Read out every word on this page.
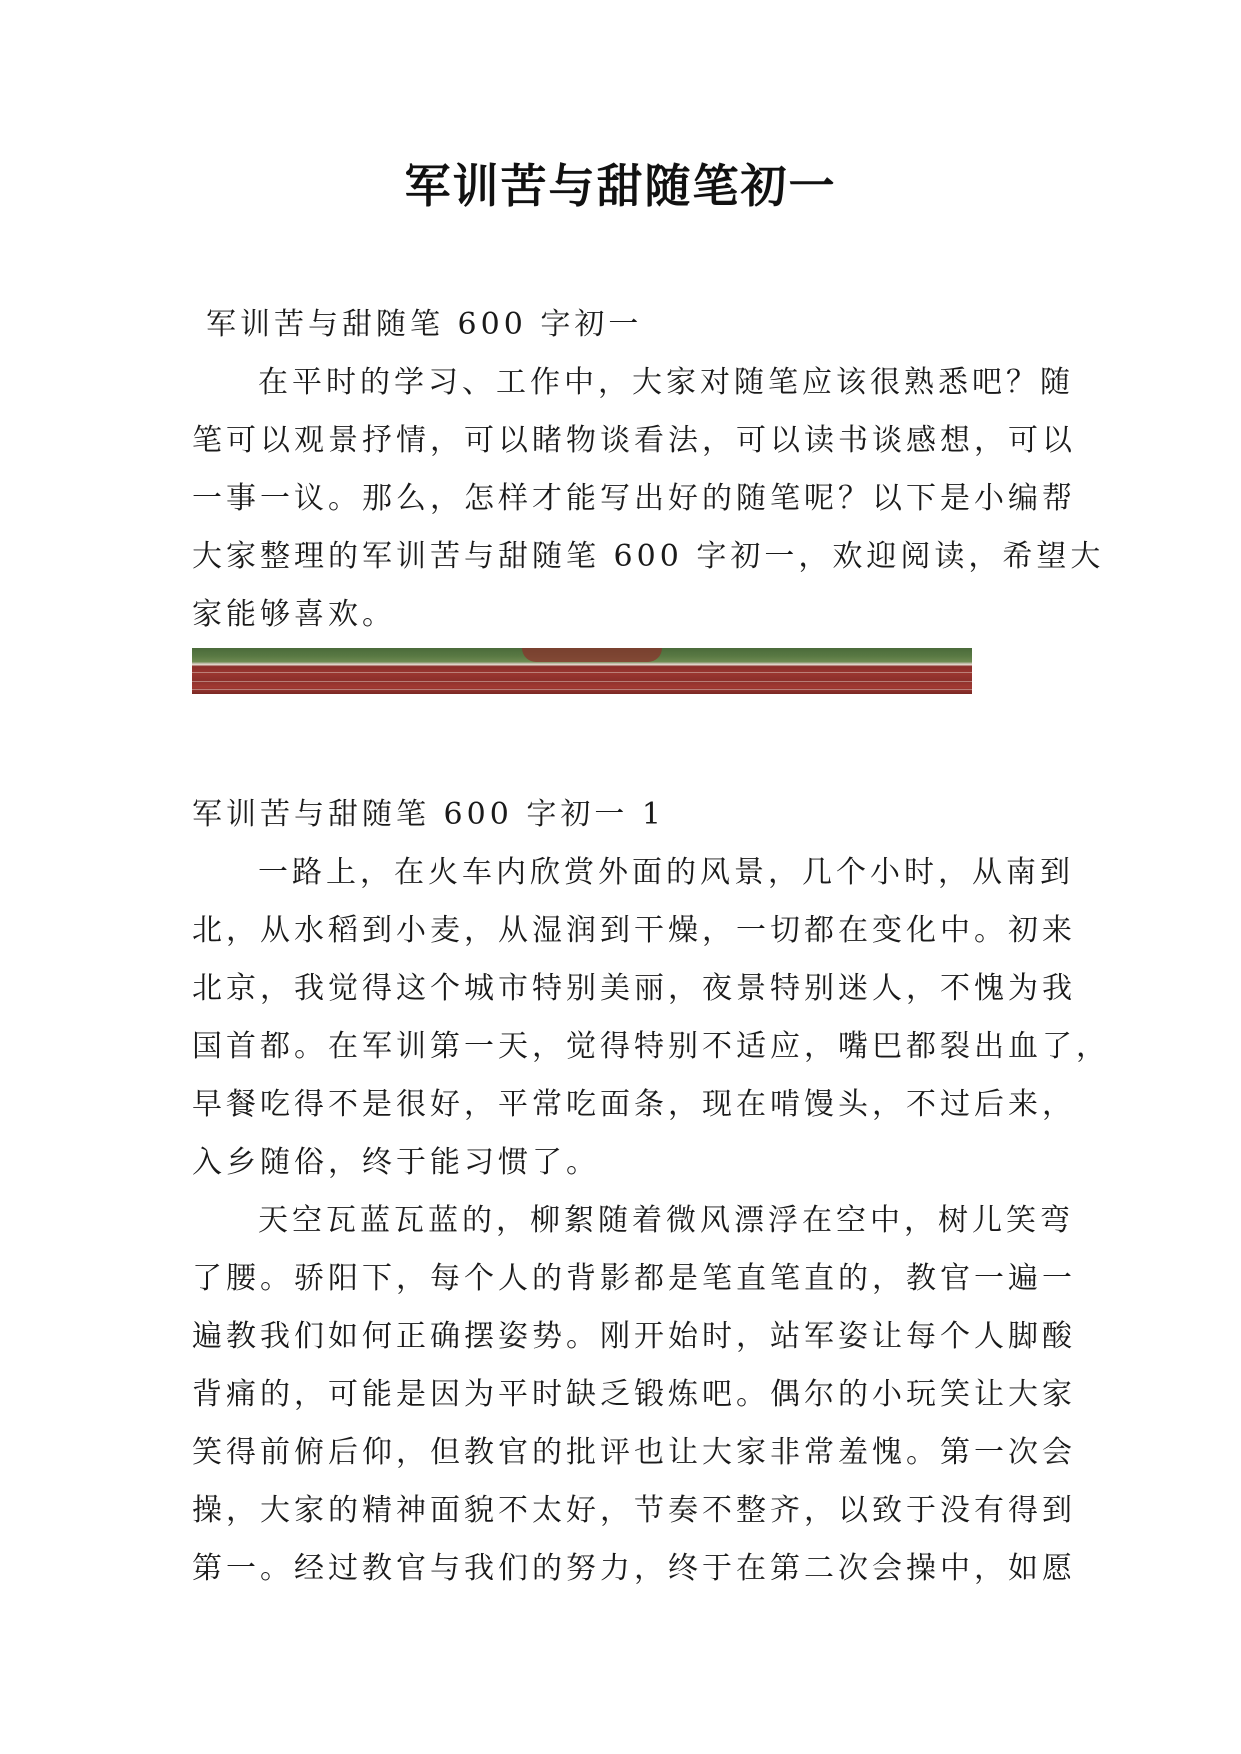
军训苦与甜随笔初一
军训苦与甜随笔 600 字初一
在平时的学习、工作中，大家对随笔应该很熟悉吧？随
笔可以观景抒情，可以睹物谈看法，可以读书谈感想，可以
一事一议。那么，怎样才能写出好的随笔呢？以下是小编帮
大家整理的军训苦与甜随笔 600 字初一，欢迎阅读，希望大
家能够喜欢。
军训苦与甜随笔 600 字初一 1
一路上，在火车内欣赏外面的风景，几个小时，从南到
北，从水稻到小麦，从湿润到干燥，一切都在变化中。初来
北京，我觉得这个城市特别美丽，夜景特别迷人，不愧为我
国首都。在军训第一天，觉得特别不适应，嘴巴都裂出血了，
早餐吃得不是很好，平常吃面条，现在啃馒头，不过后来，
入乡随俗，终于能习惯了。
天空瓦蓝瓦蓝的，柳絮随着微风漂浮在空中，树儿笑弯
了腰。骄阳下，每个人的背影都是笔直笔直的，教官一遍一
遍教我们如何正确摆姿势。刚开始时，站军姿让每个人脚酸
背痛的，可能是因为平时缺乏锻炼吧。偶尔的小玩笑让大家
笑得前俯后仰，但教官的批评也让大家非常羞愧。第一次会
操，大家的精神面貌不太好，节奏不整齐，以致于没有得到
第一。经过教官与我们的努力，终于在第二次会操中，如愿
